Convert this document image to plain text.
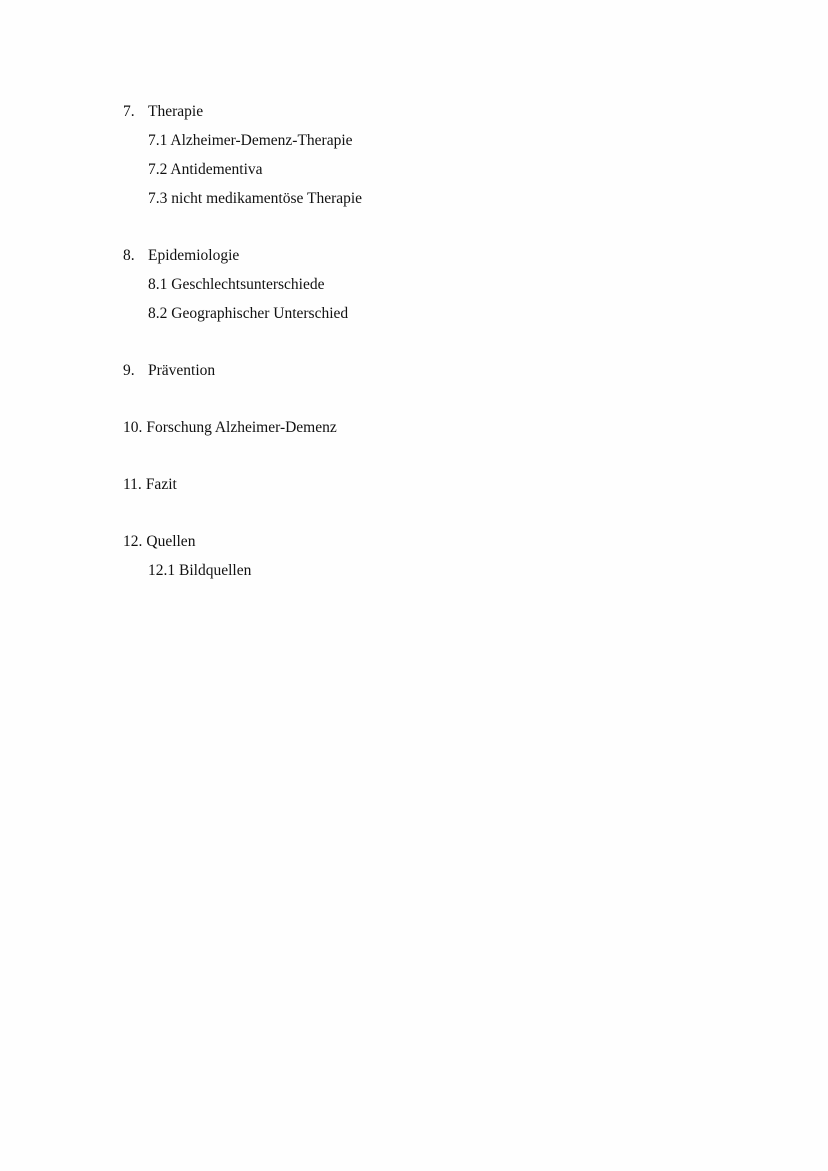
7. Therapie
7.1 Alzheimer-Demenz-Therapie
7.2 Antidementiva
7.3 nicht medikamentöse Therapie
8. Epidemiologie
8.1 Geschlechtsunterschiede
8.2 Geographischer Unterschied
9. Prävention
10. Forschung Alzheimer-Demenz
11. Fazit
12. Quellen
12.1 Bildquellen
